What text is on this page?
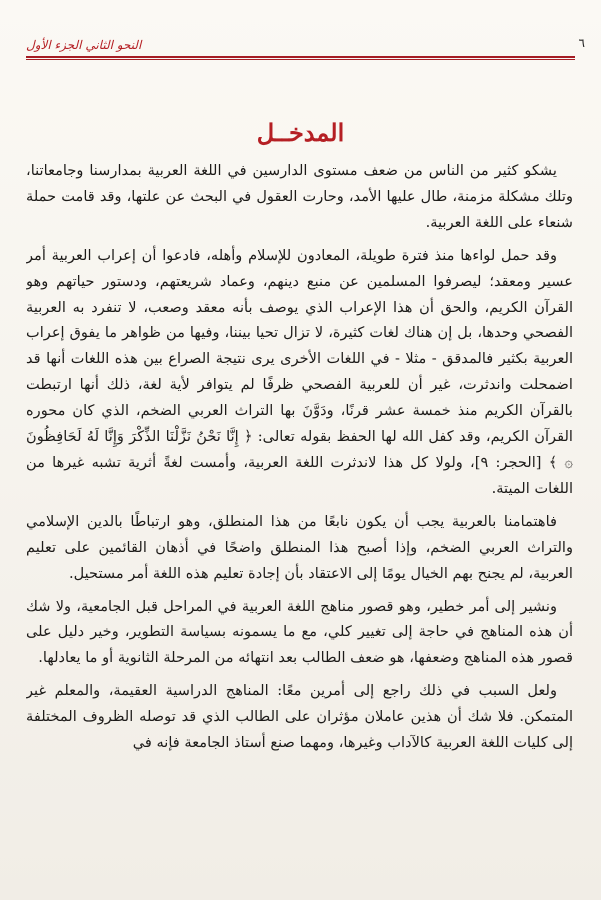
النحو الثاني الجزء الأول	٦
المدخــل

يشكو كثير من الناس من ضعف مستوى الدارسين في اللغة العربية بمدارسنا وجامعاتنا، وتلك مشكلة مزمنة، طال عليها الأمد، وحارت العقول في البحث عن علتها، وقد قامت حملة شنعاء على اللغة العربية.

وقد حمل لواءها منذ فترة طويلة، المعادون للإسلام وأهله، فادعوا أن إعراب العربية أمر عسير ومعقد؛ ليصرفوا المسلمين عن منبع دينهم، وعماد شريعتهم، ودستور حياتهم وهو القرآن الكريم، والحق أن هذا الإعراب الذي يوصف بأنه معقد وصعب، لا تنفرد به العربية الفصحي وحدها، بل إن هناك لغات كثيرة، لا تزال تحيا بيننا، وفيها من ظواهر ما يفوق إعراب العربية بكثير فالمدقق - مثلا - في اللغات الأخرى يرى نتيجة الصراع بين هذه اللغات أنها قد اضمحلت واندثرت، غير أن للعربية الفصحي ظرفًا لم يتوافر لأية لغة، ذلك أنها ارتبطت بالقرآن الكريم منذ خمسة عشر قرنًا، ودَوَّنَ بها التراث العربي الضخم، الذي كان محوره القرآن الكريم، وقد كفل الله لها الحفظ بقوله تعالى: ﴿ إِنَّا نَحْنُ نَزَّلْنَا الذِّكْرَ وَإِنَّا لَهُ لَحَافِظُونَ ۞ ﴾ [الحجر: ٩]، ولولا كل هذا لاندثرت اللغة العربية، وأمست لغةً أثرية تشبه غيرها من اللغات الميتة.

فاهتمامنا بالعربية يجب أن يكون نابعًا من هذا المنطلق، وهو ارتباطًا بالدين الإسلامي والتراث العربي الضخم، وإذا أصبح هذا المنطلق واضحًا في أذهان القائمين على تعليم العربية، لم يجنح بهم الخيال يومًا إلى الاعتقاد بأن إجادة تعليم هذه اللغة أمر مستحيل.

ونشير إلى أمر خطير، وهو قصور مناهج اللغة العربية في المراحل قبل الجامعية، ولا شك أن هذه المناهج في حاجة إلى تغيير كلي، مع ما يسمونه بسياسة التطوير، وخير دليل على قصور هذه المناهج وضعفها، هو ضعف الطالب بعد انتهائه من المرحلة الثانوية أو ما يعادلها.

ولعل السبب في ذلك راجع إلى أمرين معًا: المناهج الدراسية العقيمة، والمعلم غير المتمكن. فلا شك أن هذين عاملان مؤثران على الطالب الذي قد توصله الظروف المختلفة إلى كليات اللغة العربية كالآداب وغيرها، ومهما صنع أستاذ الجامعة فإنه في
